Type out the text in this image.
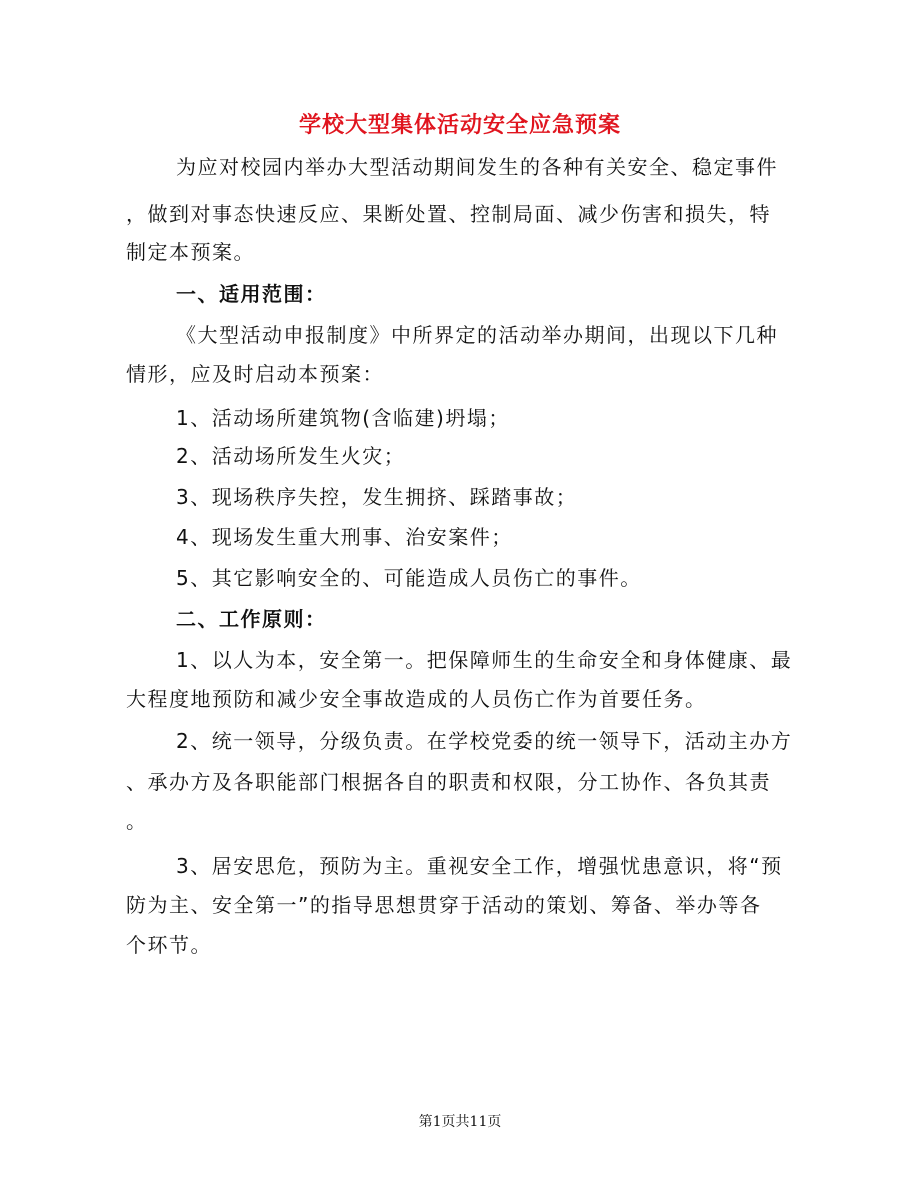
学校大型集体活动安全应急预案
为应对校园内举办大型活动期间发生的各种有关安全、稳定事件
，做到对事态快速反应、果断处置、控制局面、减少伤害和损失，特
制定本预案。
一、适用范围：
《大型活动申报制度》中所界定的活动举办期间，出现以下几种
情形，应及时启动本预案：
1、活动场所建筑物(含临建)坍塌；
2、活动场所发生火灾；
3、现场秩序失控，发生拥挤、踩踏事故；
4、现场发生重大刑事、治安案件；
5、其它影响安全的、可能造成人员伤亡的事件。
二、工作原则：
1、以人为本，安全第一。把保障师生的生命安全和身体健康、最
大程度地预防和减少安全事故造成的人员伤亡作为首要任务。
2、统一领导，分级负责。在学校党委的统一领导下，活动主办方
、承办方及各职能部门根据各自的职责和权限，分工协作、各负其责
。
3、居安思危，预防为主。重视安全工作，增强忧患意识，将“预
防为主、安全第一”的指导思想贯穿于活动的策划、筹备、举办等各
个环节。
第1页共11页
